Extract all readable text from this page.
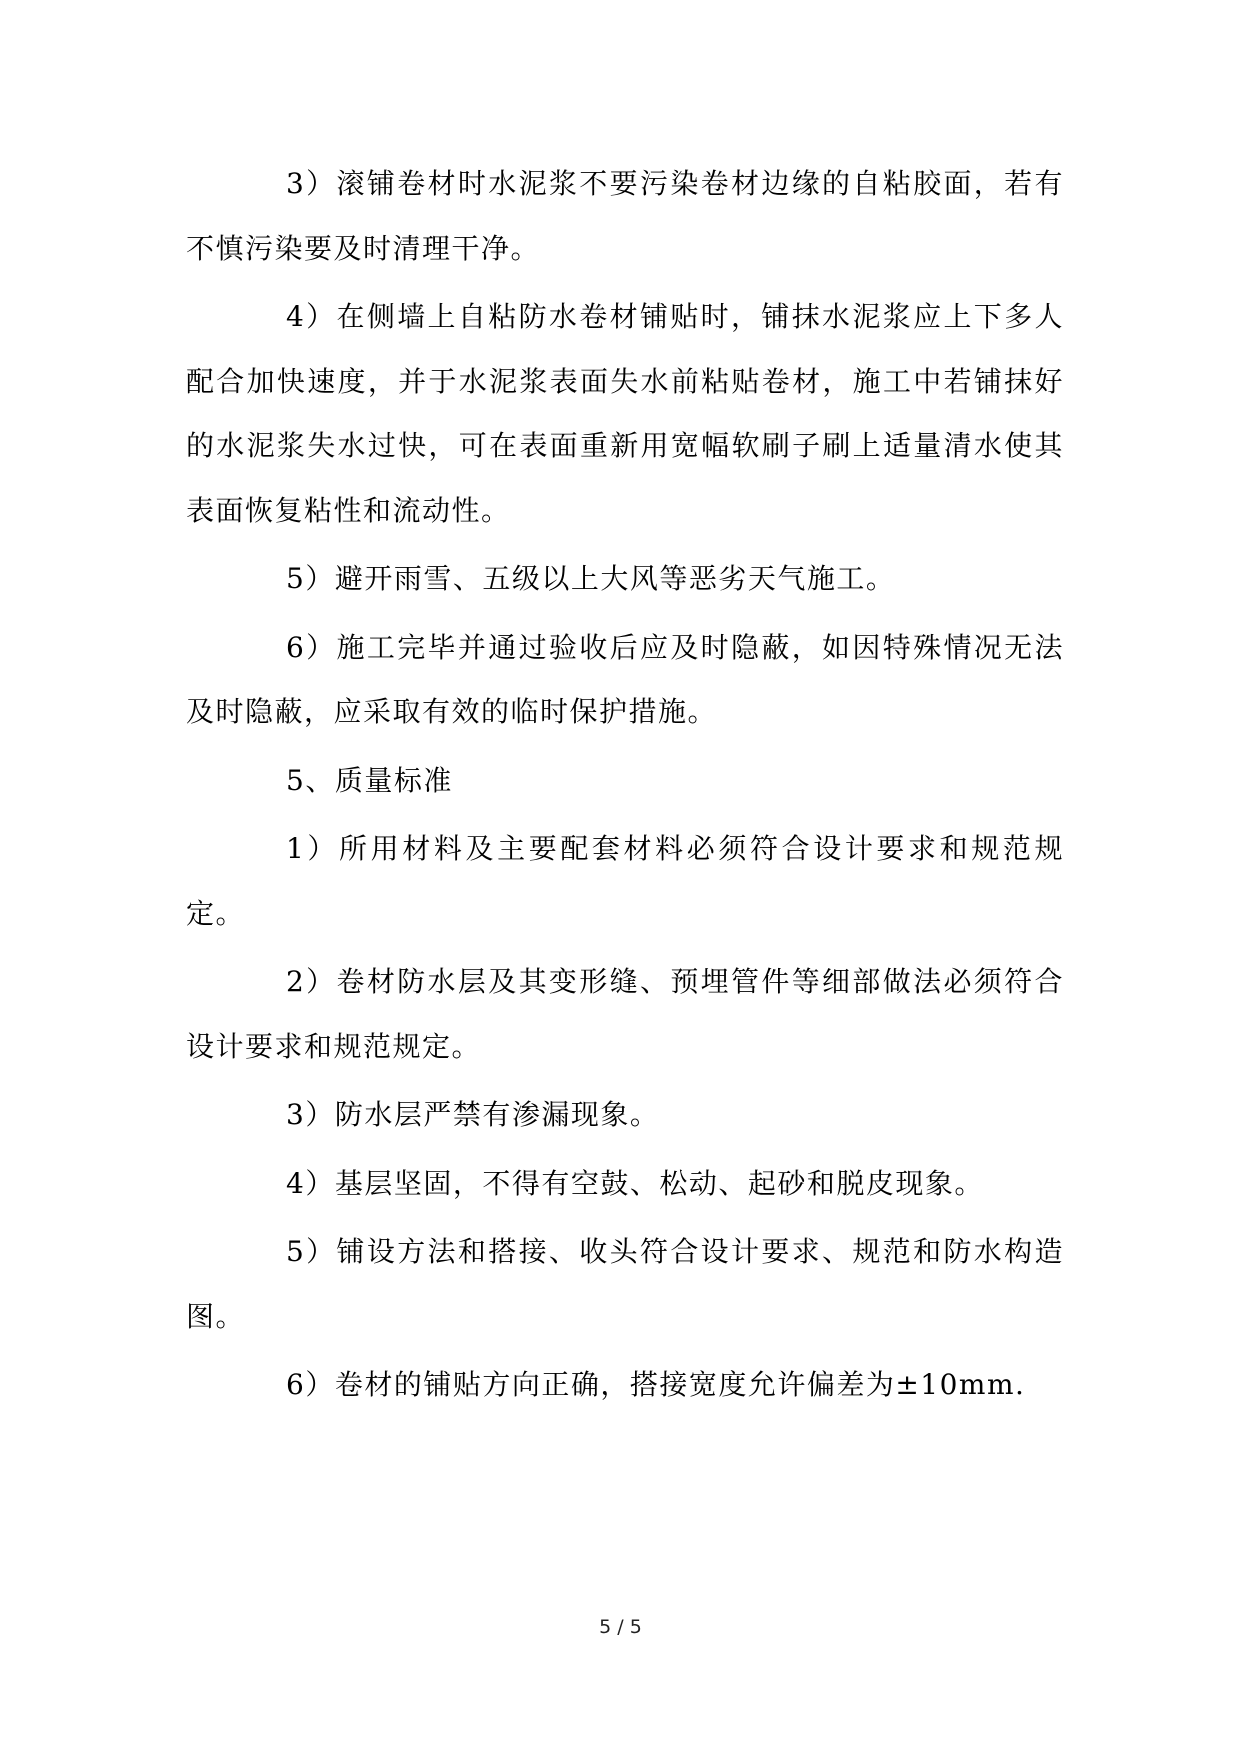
3）滚铺卷材时水泥浆不要污染卷材边缘的自粘胶面，若有不慎污染要及时清理干净。

4）在侧墙上自粘防水卷材铺贴时，铺抹水泥浆应上下多人配合加快速度，并于水泥浆表面失水前粘贴卷材，施工中若铺抹好的水泥浆失水过快，可在表面重新用宽幅软刷子刷上适量清水使其表面恢复粘性和流动性。

5）避开雨雪、五级以上大风等恶劣天气施工。

6）施工完毕并通过验收后应及时隐蔽，如因特殊情况无法及时隐蔽，应采取有效的临时保护措施。

5、质量标准

1）所用材料及主要配套材料必须符合设计要求和规范规定。

2）卷材防水层及其变形缝、预埋管件等细部做法必须符合设计要求和规范规定。

3）防水层严禁有渗漏现象。

4）基层坚固，不得有空鼓、松动、起砂和脱皮现象。

5）铺设方法和搭接、收头符合设计要求、规范和防水构造图。

6）卷材的铺贴方向正确，搭接宽度允许偏差为±10mm.

5 / 5
